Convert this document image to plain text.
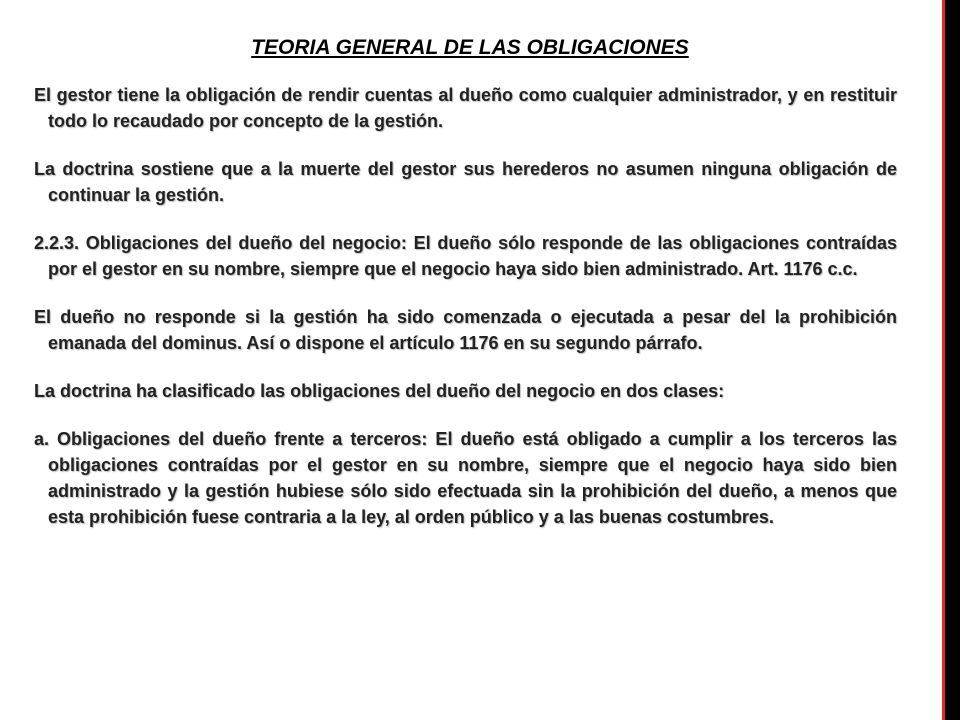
TEORIA GENERAL DE LAS OBLIGACIONES

El gestor tiene la obligación de rendir cuentas al dueño como cualquier administrador, y en restituir todo lo recaudado por concepto de la gestión.

La doctrina sostiene que a la muerte del gestor sus herederos no asumen ninguna obligación de continuar la gestión.

2.2.3. Obligaciones del dueño del negocio: El dueño sólo responde de las obligaciones contraídas por el gestor en su nombre, siempre que el negocio haya sido bien administrado. Art. 1176 c.c.

El dueño no responde si la gestión ha sido comenzada o ejecutada a pesar del la prohibición emanada del dominus. Así o dispone el artículo 1176 en su segundo párrafo.

La doctrina ha clasificado las obligaciones del dueño del negocio en dos clases:

a. Obligaciones del dueño frente a terceros: El dueño está obligado a cumplir a los terceros las obligaciones contraídas por el gestor en su nombre, siempre que el negocio haya sido bien administrado y la gestión hubiese sólo sido efectuada sin la prohibición del dueño, a menos que esta prohibición fuese contraria a la ley, al orden público y a las buenas costumbres.
